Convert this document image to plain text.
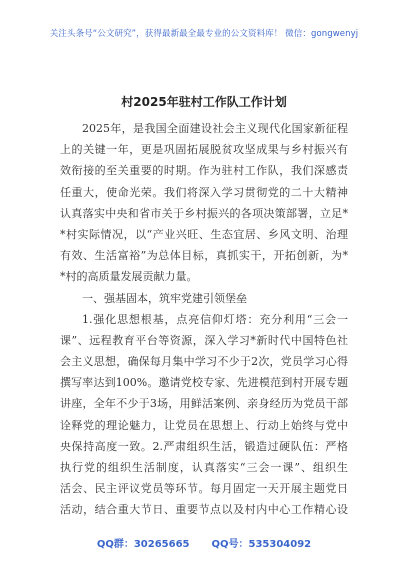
关注头条号“公文研究”，获得最新最全最专业的公文资料库！ 微信：gongwenyj
村2025年驻村工作队工作计划
2025年，是我国全面建设社会主义现代化国家新征程
上的关键一年，更是巩固拓展脱贫攻坚成果与乡村振兴有
效衔接的至关重要的时期。作为驻村工作队，我们深感责
任重大，使命光荣。我们将深入学习贯彻党的二十大精神
认真落实中央和省市关于乡村振兴的各项决策部署，立足*
*村实际情况，以“产业兴旺、生态宜居、乡风文明、治理
有效、生活富裕”为总体目标，真抓实干，开拓创新，为*
*村的高质量发展贡献力量。
一、强基固本，筑牢党建引领堡垒
1.强化思想根基，点亮信仰灯塔：充分利用“三会一
课”、远程教育平台等资源，深入学习*新时代中国特色社
会主义思想，确保每月集中学习不少于2次，党员学习心得
撰写率达到100%。邀请党校专家、先进模范到村开展专题
讲座，全年不少于3场，用鲜活案例、亲身经历为党员干部
诠释党的理论魅力，让党员在思想上、行动上始终与党中
央保持高度一致。2.严肃组织生活，锻造过硬队伍：严格
执行党的组织生活制度，认真落实“三会一课”、组织生
活会、民主评议党员等环节。每月固定一天开展主题党日
活动，结合重大节日、重要节点以及村内中心工作精心设
QQ群：30265665 QQ号：535304092
